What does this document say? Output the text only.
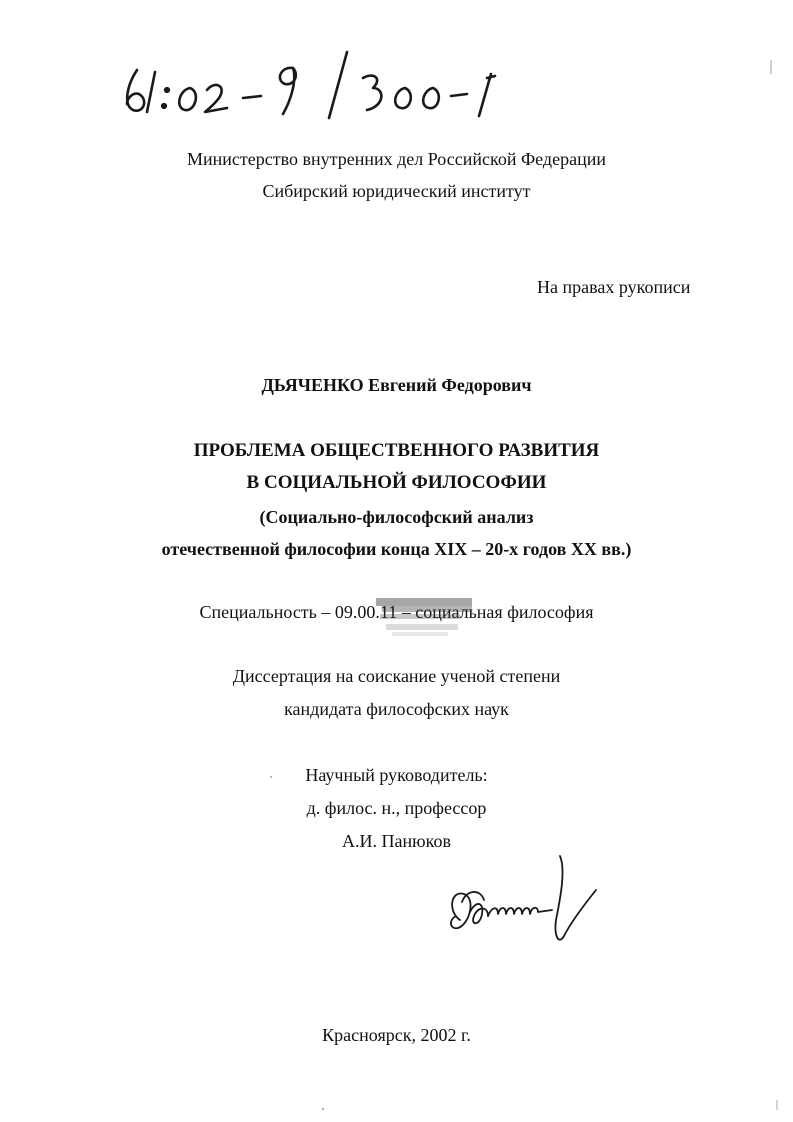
Министерство внутренних дел Российской Федерации
Сибирский юридический институт
На правах рукописи
ДЬЯЧЕНКО Евгений Федорович
ПРОБЛЕМА ОБЩЕСТВЕННОГО РАЗВИТИЯ
В СОЦИАЛЬНОЙ ФИЛОСОФИИ
(Социально-философский анализ
отечественной философии конца XIX – 20-х годов XX вв.)
Специальность – 09.00.11 – социальная философия
Диссертация на соискание ученой степени
кандидата философских наук
Научный руководитель:
д. филос. н., профессор
А.И. Панюков
Красноярск, 2002 г.
